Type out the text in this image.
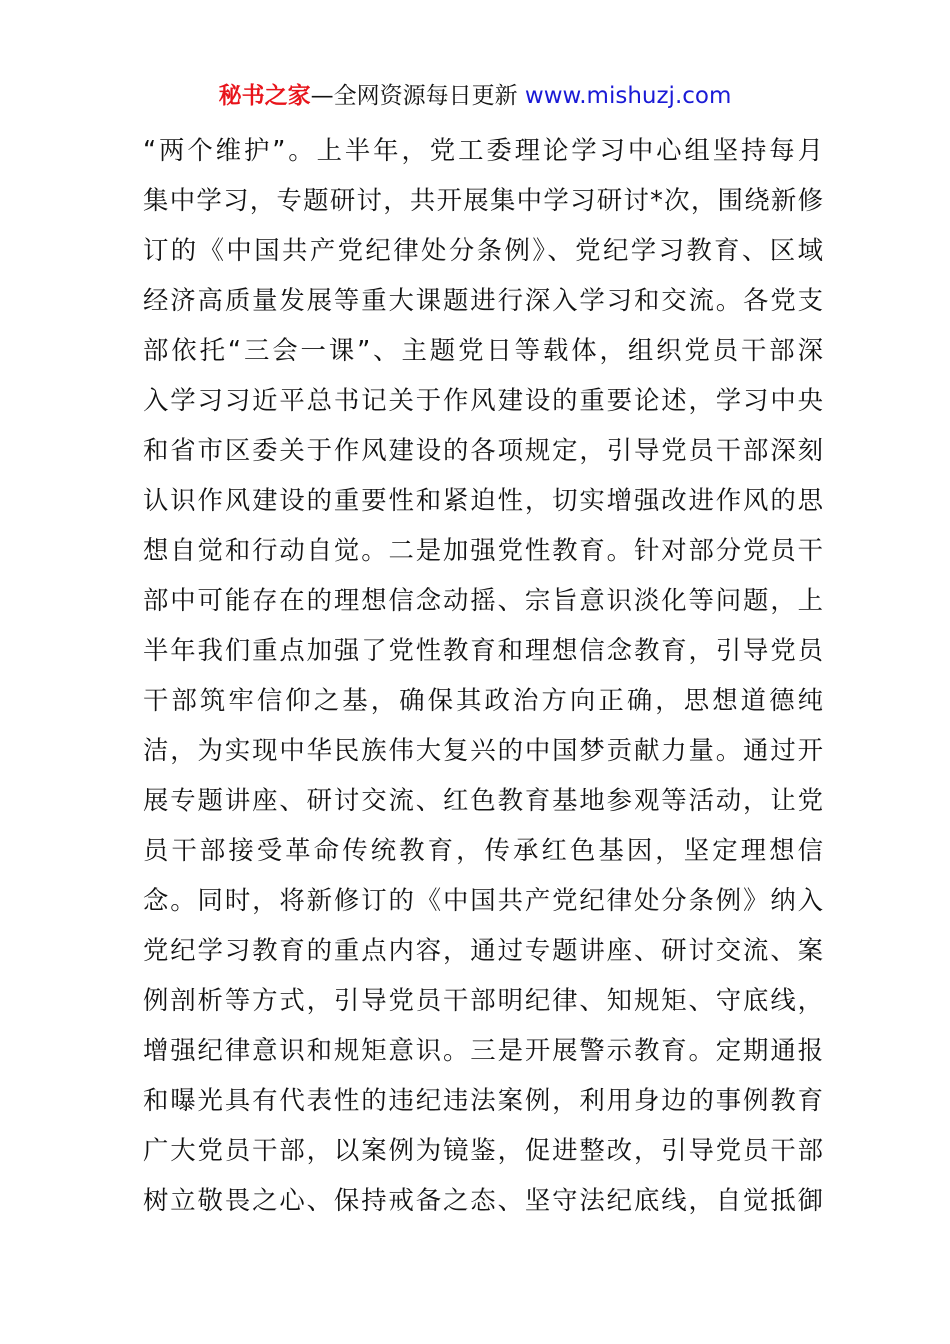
秘书之家—全网资源每日更新 www.mishuzj.com
“两个维护”。上半年，党工委理论学习中心组坚持每月
集中学习，专题研讨，共开展集中学习研讨*次，围绕新修
订的《中国共产党纪律处分条例》、党纪学习教育、区域
经济高质量发展等重大课题进行深入学习和交流。各党支
部依托“三会一课”、主题党日等载体，组织党员干部深
入学习习近平总书记关于作风建设的重要论述，学习中央
和省市区委关于作风建设的各项规定，引导党员干部深刻
认识作风建设的重要性和紧迫性，切实增强改进作风的思
想自觉和行动自觉。二是加强党性教育。针对部分党员干
部中可能存在的理想信念动摇、宗旨意识淡化等问题，上
半年我们重点加强了党性教育和理想信念教育，引导党员
干部筑牢信仰之基，确保其政治方向正确，思想道德纯
洁，为实现中华民族伟大复兴的中国梦贡献力量。通过开
展专题讲座、研讨交流、红色教育基地参观等活动，让党
员干部接受革命传统教育，传承红色基因，坚定理想信
念。同时，将新修订的《中国共产党纪律处分条例》纳入
党纪学习教育的重点内容，通过专题讲座、研讨交流、案
例剖析等方式，引导党员干部明纪律、知规矩、守底线，
增强纪律意识和规矩意识。三是开展警示教育。定期通报
和曝光具有代表性的违纪违法案例，利用身边的事例教育
广大党员干部，以案例为镜鉴，促进整改，引导党员干部
树立敬畏之心、保持戒备之态、坚守法纪底线，自觉抵御
